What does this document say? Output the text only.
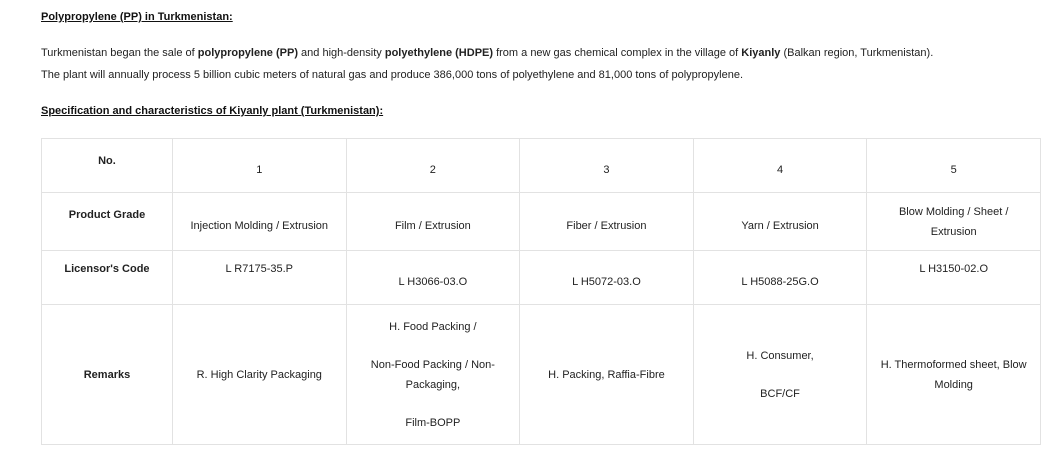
Polypropylene (PP) in Turkmenistan:
Turkmenistan began the sale of polypropylene (PP) and high-density polyethylene (HDPE) from a new gas chemical complex in the village of Kiyanly (Balkan region, Turkmenistan).
The plant will annually process 5 billion cubic meters of natural gas and produce 386,000 tons of polyethylene and 81,000 tons of polypropylene.
Specification and characteristics of Kiyanly plant (Turkmenistan):
No.	1	2	3	4	5
Product Grade	Injection Molding / Extrusion	Film / Extrusion	Fiber / Extrusion	Yarn / Extrusion	Blow Molding / Sheet /
Extrusion

Licensor's Code	L R7175-35.P	L H3066-03.O	L H5072-03.O	L H5088-25G.O	L H3150-02.O
Remarks	R. High Clarity Packaging	H. Food Packing /
Non-Food Packing / Non-
Packaging,
Film-BOPP	H. Packing, Raffia-Fibre	H. Consumer,
BCF/CF	H. Thermoformed sheet, Blow
Molding
